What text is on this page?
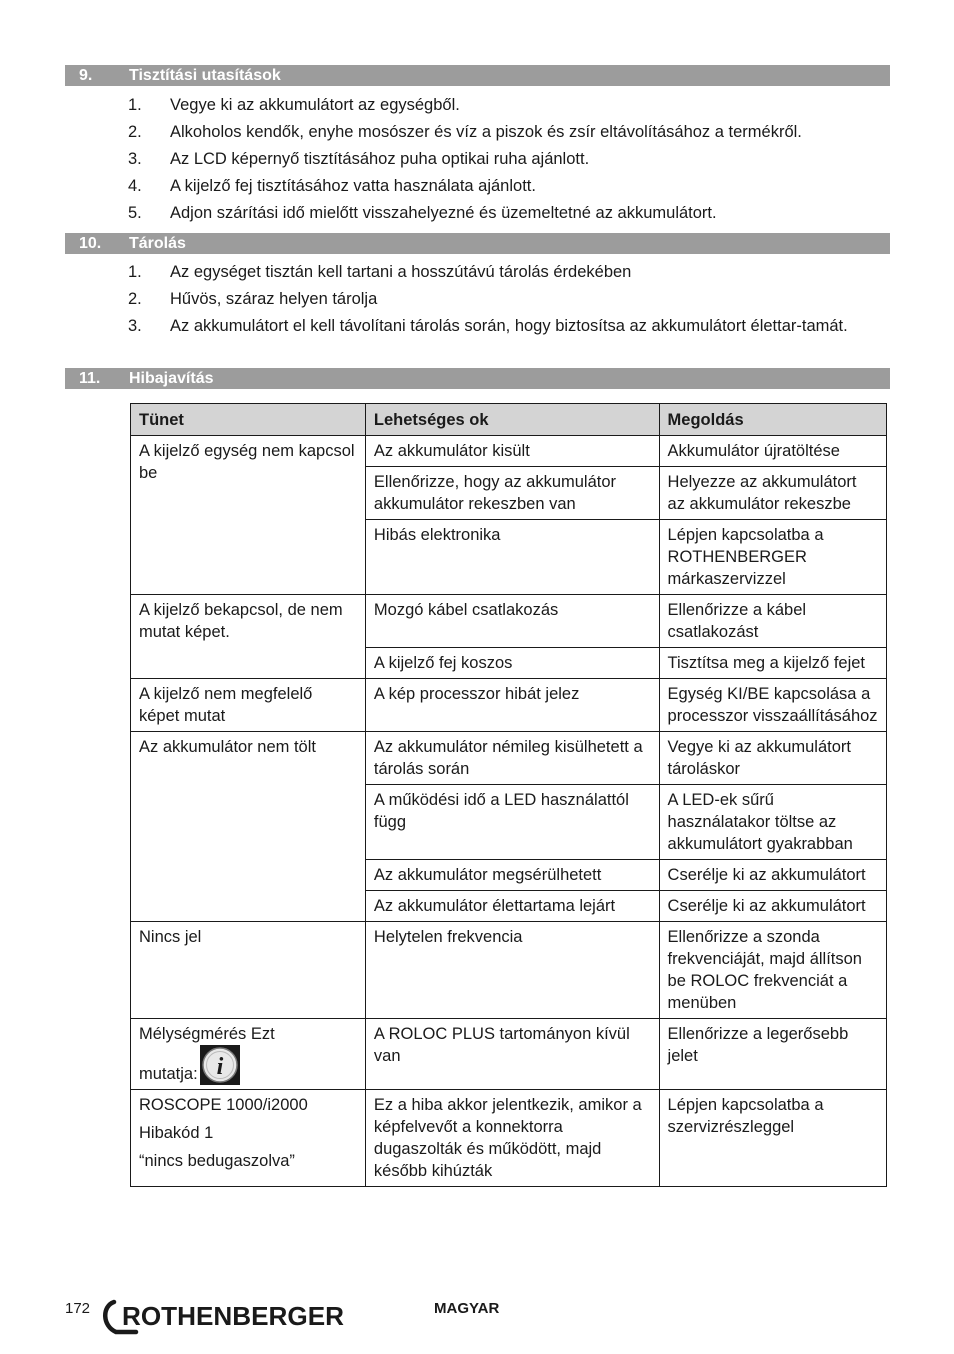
9. Tisztítási utasítások
1. Vegye ki az akkumulátort az egységből.
2. Alkoholos kendők, enyhe mosószer és víz a piszok és zsír eltávolításához a termékről.
3. Az LCD képernyő tisztításához puha optikai ruha ajánlott.
4. A kijelző fej tisztításához vatta használata ajánlott.
5. Adjon szárítási idő mielőtt visszahelyezné és üzemeltetné az akkumulátort.
10. Tárolás
1. Az egységet tisztán kell tartani a hosszútávú tárolás érdekében
2. Hűvös, száraz helyen tárolja
3. Az akkumulátort el kell távolítani tárolás során, hogy biztosítsa az akkumulátort élettar-tamát.
11. Hibajavítás
Tünet	Lehetséges ok	Megoldás
A kijelző egység nem kapcsol be	Az akkumulátor kisült	Akkumulátor újratöltése
	Ellenőrizze, hogy az akkumulátor akkumulátor rekeszben van	Helyezze az akkumulátort az akkumulátor rekeszbe
	Hibás elektronika	Lépjen kapcsolatba a ROTHENBERGER márkaszervizzel
A kijelző bekapcsol, de nem mutat képet.	Mozgó kábel csatlakozás	Ellenőrizze a kábel csatlakozást
	A kijelző fej koszos	Tisztítsa meg a kijelző fejet
A kijelző nem megfelelő képet mutat	A kép processzor hibát jelez	Egység KI/BE kapcsolása a processzor visszaállításához
Az akkumulátor nem tölt	Az akkumulátor némileg kisülhetett a tárolás során	Vegye ki az akkumulátort tároláskor
	A működési idő a LED használattól függ	A LED-ek sűrű használatakor töltse az akkumulátort gyakrabban
	Az akkumulátor megsérülhetett	Cserélje ki az akkumulátort
	Az akkumulátor élettartama lejárt	Cserélje ki az akkumulátort
Nincs jel	Helytelen frekvencia	Ellenőrizze a szonda frekvenciáját, majd állítson be ROLOC frekvenciát a menüben

Mélységmérés Ezt
mutatja: i	A ROLOC PLUS tartományon kívül van	Ellenőrizze a legerősebb jelet

ROSCOPE 1000/i2000
Hibakód 1
“nincs bedugaszolva”	Ez a hiba akkor jelentkezik, amikor a képfelvevőt a konnektorra dugaszolták és működött, majd később kihúzták	Lépjen kapcsolatba a szervizrészleggel
172 ROTHENBERGER	MAGYAR
